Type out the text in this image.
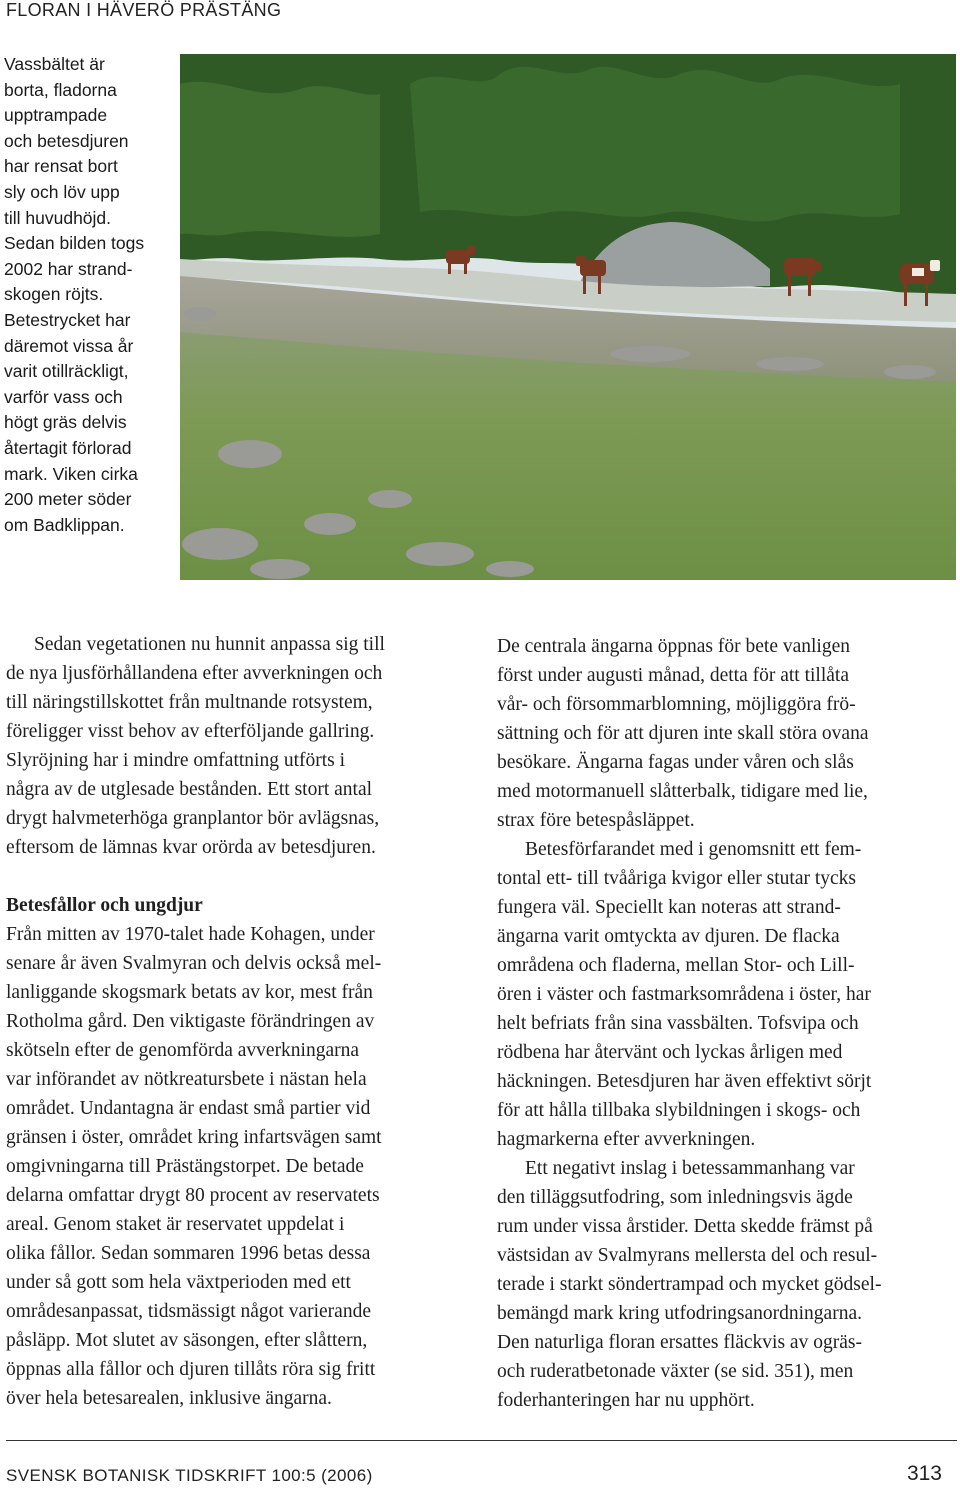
FLORAN I HÄVERÖ PRÄSTÄNG
Vassbältet är
borta, fladorna
upptrampade
och betesdjuren
har rensat bort
sly och löv upp
till huvudhöjd.
Sedan bilden togs
2002 har strand-
skogen röjts.
Betestrycket har
däremot vissa år
varit otillräckligt,
varför vass och
högt gräs delvis
återtagit förlorad
mark. Viken cirka
200 meter söder
om Badklippan.
Sedan vegetationen nu hunnit anpassa sig till
de nya ljusförhållandena efter avverkningen och
till näringstillskottet från multnande rotsystem,
föreligger visst behov av efterföljande gallring.
Slyröjning har i mindre omfattning utförts i
några av de utglesade bestånden. Ett stort antal
drygt halvmeterhöga granplantor bör avlägsnas,
eftersom de lämnas kvar orörda av betesdjuren.
Betesfållor och ungdjur
Från mitten av 1970-talet hade Kohagen, under
senare år även Svalmyran och delvis också mel-
lanliggande skogsmark betats av kor, mest från
Rotholma gård. Den viktigaste förändringen av
skötseln efter de genomförda avverkningarna
var införandet av nötkreatursbete i nästan hela
området. Undantagna är endast små partier vid
gränsen i öster, området kring infartsvägen samt
omgivningarna till Prästängstorpet. De betade
delarna omfattar drygt 80 procent av reservatets
areal. Genom staket är reservatet uppdelat i
olika fållor. Sedan sommaren 1996 betas dessa
under så gott som hela växtperioden med ett
områdesanpassat, tidsmässigt något varierande
påsläpp. Mot slutet av säsongen, efter slåttern,
öppnas alla fållor och djuren tillåts röra sig fritt
över hela betesarealen, inklusive ängarna.
De centrala ängarna öppnas för bete vanligen
först under augusti månad, detta för att tillåta
vår- och försommarblomning, möjliggöra frö-
sättning och för att djuren inte skall störa ovana
besökare. Ängarna fagas under våren och slås
med motormanuell slåtterbalk, tidigare med lie,
strax före betespåsläppet.
Betesförfarandet med i genomsnitt ett fem-
tontal ett- till tvååriga kvigor eller stutar tycks
fungera väl. Speciellt kan noteras att strand-
ängarna varit omtyckta av djuren. De flacka
områdena och fladerna, mellan Stor- och Lill-
ören i väster och fastmarksområdena i öster, har
helt befriats från sina vassbälten. Tofsvipa och
rödbena har återvänt och lyckas årligen med
häckningen. Betesdjuren har även effektivt sörjt
för att hålla tillbaka slybildningen i skogs- och
hagmarkerna efter avverkningen.
Ett negativt inslag i betessammanhang var
den tilläggsutfodring, som inledningsvis ägde
rum under vissa årstider. Detta skedde främst på
västsidan av Svalmyrans mellersta del och resul-
terade i starkt söndertrampad och mycket gödsel-
bemängd mark kring utfodringsanordningarna.
Den naturliga floran ersattes fläckvis av ogräs-
och ruderatbetonade växter (se sid. 351), men
foderhanteringen har nu upphört.
SVENSK BOTANISK TIDSKRIFT 100:5 (2006)	313
